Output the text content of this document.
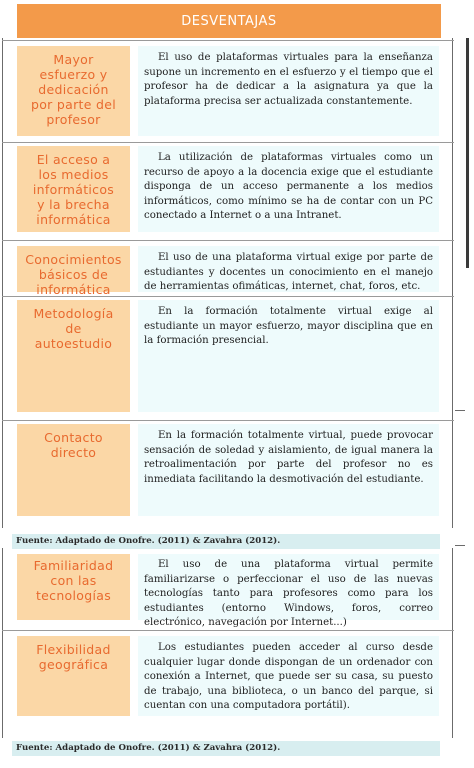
DESVENTAJAS
Mayor
esfuerzo y
dedicación
por parte del
profesor
El uso de plataformas virtuales para la enseñanza supone un incremento en el esfuerzo y el tiempo que el profesor ha de dedicar a la asignatura ya que la plataforma precisa ser actualizada constantemente.
El acceso a
los medios
informáticos
y la brecha
informática
La utilización de plataformas virtuales como un recurso de apoyo a la docencia exige que el estudiante disponga de un acceso permanente a los medios informáticos, como mínimo se ha de contar con un PC conectado a Internet o a una Intranet.
Conocimientos
básicos de
informática
El uso de una plataforma virtual exige por parte de estudiantes y docentes un conocimiento en el manejo de herramientas ofimáticas, internet, chat, foros, etc.
Metodología
de
autoestudio
En la formación totalmente virtual exige al estudiante un mayor esfuerzo, mayor disciplina que en la formación presencial.
Contacto
directo
En la formación totalmente virtual, puede provocar sensación de soledad y aislamiento, de igual manera la retroalimentación por parte del profesor no es inmediata facilitando la desmotivación del estudiante.
Fuente: Adaptado de Onofre. (2011) & Zavahra (2012).
Familiaridad
con las
tecnologías
El uso de una plataforma virtual permite familiarizarse o perfeccionar el uso de las nuevas tecnologías tanto para profesores como para los estudiantes (entorno Windows, foros, correo electrónico, navegación por Internet...)
Flexibilidad
geográfica
Los estudiantes pueden acceder al curso desde cualquier lugar donde dispongan de un ordenador con conexión a Internet, que puede ser su casa, su puesto de trabajo, una biblioteca, o un banco del parque, si cuentan con una computadora portátil).
Fuente: Adaptado de Onofre. (2011) & Zavahra (2012).
